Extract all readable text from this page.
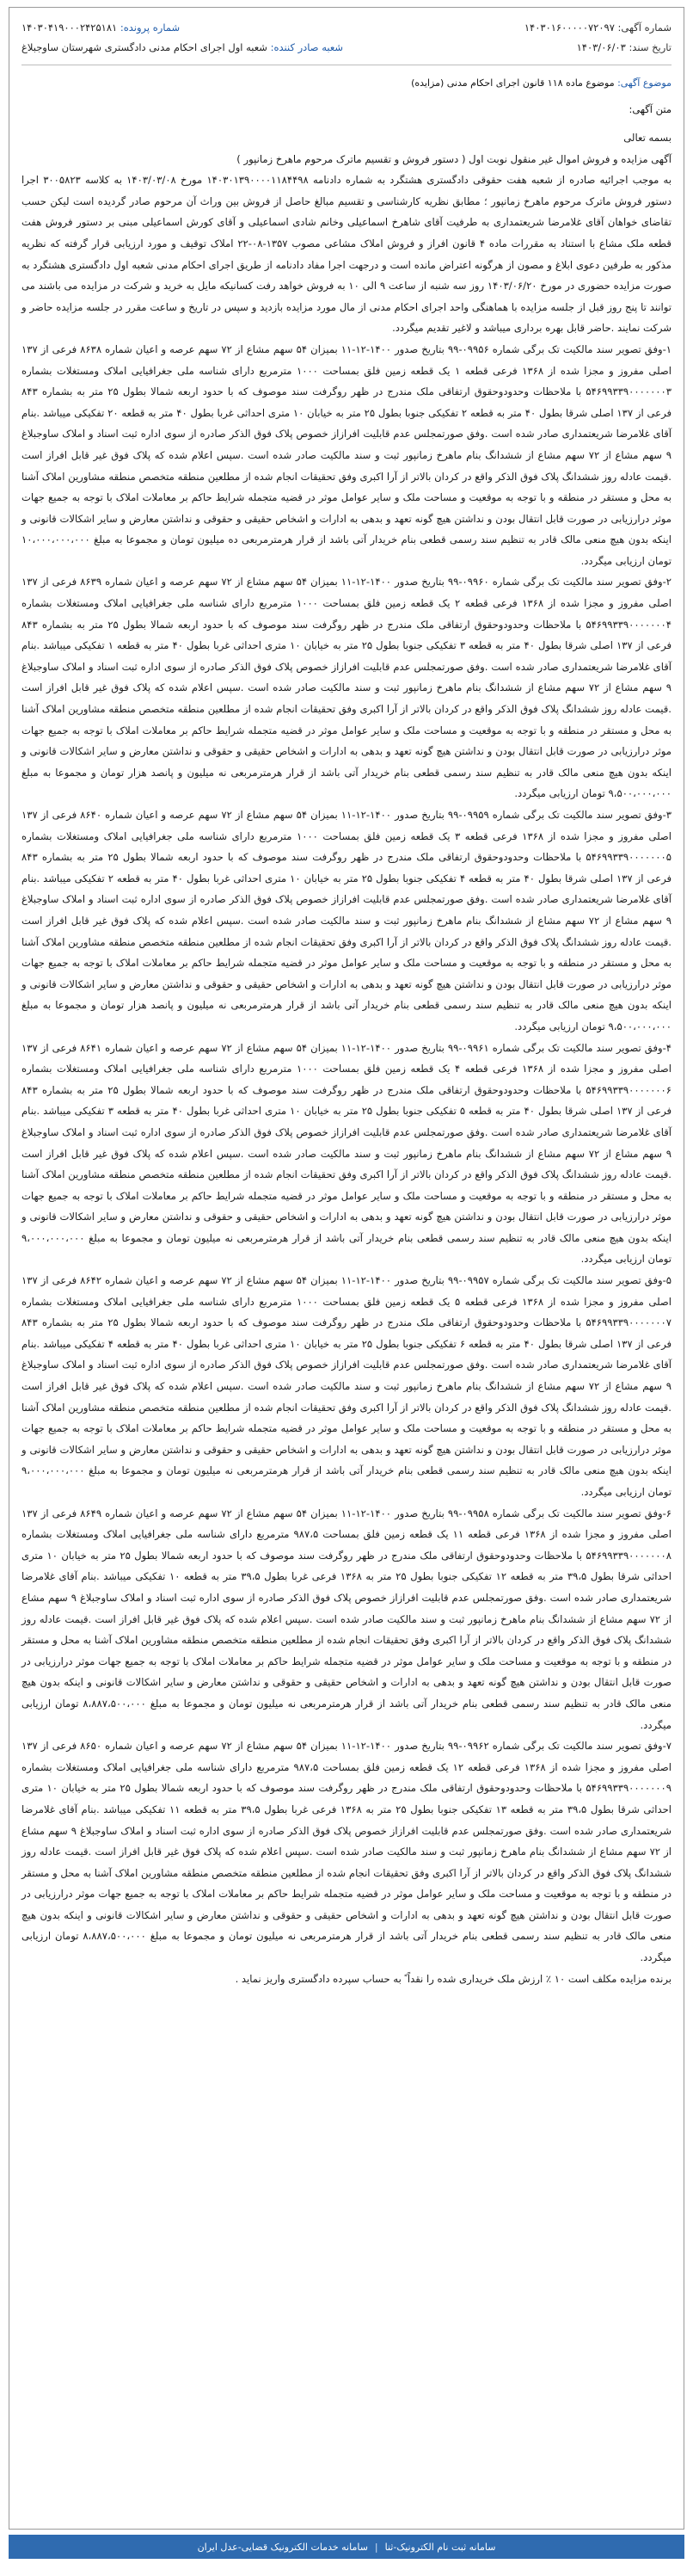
شماره آگهی: ۱۴۰۳۰۱۶۰۰۰۰۰۷۲۰۹۷
تاریخ سند: ۱۴۰۳/۰۶/۰۳
شماره پرونده: ۱۴۰۳۰۴۱۹۰۰۰۲۴۲۵۱۸۱
شعبه صادر کننده: شعبه اول اجرای احکام مدنی دادگستری شهرستان ساوجبلاغ
موضوع آگهی: موضوع ماده ۱۱۸ قانون اجرای احکام مدنی (مزایده)
متن آگهی:

بسمه تعالی

آگهی مزایده و فروش اموال غیر منقول نوبت اول ( دستور فروش و تقسیم ماترک مرحوم ماهرخ زمانپور )

به موجب اجرائیه صادره از شعبه هفت حقوقی دادگستری هشتگرد به شماره دادنامه ۱۴۰۳۰۱۳۹۰۰۰۰۱۱۸۴۴۹۸ مورخ ۱۴۰۳/۰۳/۰۸ به کلاسه ۳۰۰۵۸۲۳ اجرا دستور فروش ماترک مرحوم ماهرخ زمانپور ؛ مطابق نظریه کارشناسی و تقسیم مبالغ حاصل از فروش بین وراث آن مرحوم صادر گردیده است لیکن حسب تقاضای خواهان آقای غلامرضا شریعتمداری به طرفیت آقای شاهرخ اسماعیلی وخانم شادی اسماعیلی و آقای کورش اسماعیلی مبنی بر دستور فروش هفت قطعه ملک مشاع با استناد به مقررات ماده ۴ قانون افراز و فروش املاک مشاعی مصوب ۱۳۵۷-۰۸-۲۲ املاک توقیف و مورد ارزیابی قرار گرفته که نظریه مذکور به طرفین دعوی ابلاغ و مصون از هرگونه اعتراض مانده است و درجهت اجرا مفاد دادنامه از طریق اجرای احکام مدنی شعبه اول دادگستری هشتگرد به صورت مزایده حضوری در مورخ ۱۴۰۳/۰۶/۲۰ روز سه شنبه از ساعت ۹ الی ۱۰ به فروش خواهد رفت کسانیکه مایل به خرید و شرکت در مزایده می باشند می توانند تا پنج روز قبل از جلسه مزایده با هماهنگی واحد اجرای احکام مدنی از مال مورد مزایده بازدید و سپس در تاریخ و ساعت مقرر در جلسه مزایده حاضر و شرکت نمایند .حاضر قابل بهره برداری میباشد و لاغیر تقدیم میگردد.

۱-وفق تصویر سند مالکیت تک برگی شماره ۰۹۹۵۶-۹۹ بتاریخ صدور ۱۴۰۰-۱۲-۱۱ بمیزان ۵۴ سهم مشاع از ۷۲ سهم عرصه و اعیان شماره ۸۶۳۸ فرعی از ۱۳۷ اصلی مفروز و مجزا شده از ۱۳۶۸ فرعی قطعه ۱ یک قطعه زمین فلق بمساحت ۱۰۰۰ مترمربع دارای شناسه ملی جغرافیایی املاک ومستغلات بشماره ۵۴۶۹۹۳۳۹۰۰۰۰۰۰۰۳ با ملاحظات وحدودوحقوق ارتفاقی ملک مندرج در ظهر روگرفت سند موصوف که با حدود اربعه شمالا بطول ۲۵ متر به بشماره ۸۴۳ فرعی از ۱۳۷ اصلی شرقا بطول ۴۰ متر به قطعه ۲ تفکیکی جنوبا بطول ۲۵ متر به خیابان ۱۰ متری احداثی غربا بطول ۴۰ متر به قطعه ۲۰ تفکیکی میباشد .بنام آقای غلامرضا شریعتمداری صادر شده است .وفق صورتمجلس عدم قابلیت افرازاز خصوص پلاک فوق الذکر صادره از سوی اداره ثبت اسناد و املاک ساوجبلاغ ۹ سهم مشاع از ۷۲ سهم مشاع از ششدانگ بنام ماهرخ زمانپور ثبت و سند مالکیت صادر شده است .سپس اعلام شده که پلاک فوق غیر قابل افراز است .قیمت عادله روز ششدانگ پلاک فوق الذکر واقع در کردان بالاتر از آرا اکبری وفق تحقیقات انجام شده از مطلعین منطقه متخصص منطقه مشاورین املاک آشنا به محل و مستقر در منطقه و با توجه به موقعیت و مساحت ملک و سایر عوامل موثر در قضیه متجمله شرایط حاکم بر معاملات املاک با توجه به جمیع جهات موثر درارزیابی در صورت قابل انتقال بودن و نداشتن هیچ گونه تعهد و بدهی به ادارات و اشخاص حقیقی و حقوقی و نداشتن معارض و سایر اشکالات قانونی و اینکه بدون هیچ منعی مالک قادر به تنظیم سند رسمی قطعی بنام خریدار آتی باشد از قرار هرمترمربعی ده میلیون تومان و مجموعا به مبلغ ۱۰،۰۰۰،۰۰۰،۰۰۰ تومان ارزیابی میگردد.

۲-وفق تصویر سند مالکیت تک برگی شماره ۰۹۹۶۰-۹۹ بتاریخ صدور ۱۴۰۰-۱۲-۱۱ بمیزان ۵۴ سهم مشاع از ۷۲ سهم عرصه و اعیان شماره ۸۶۳۹ فرعی از ۱۳۷ اصلی مفروز و مجزا شده از ۱۳۶۸ فرعی قطعه ۲ یک قطعه زمین فلق بمساحت ۱۰۰۰ مترمربع دارای شناسه ملی جغرافیایی املاک ومستغلات بشماره ۵۴۶۹۹۳۳۹۰۰۰۰۰۰۰۴ با ملاحظات وحدودوحقوق ارتفاقی ملک مندرج در ظهر روگرفت سند موصوف که با حدود اربعه شمالا بطول ۲۵ متر به بشماره ۸۴۳ فرعی از ۱۳۷ اصلی شرقا بطول ۴۰ متر به قطعه ۳ تفکیکی جنوبا بطول ۲۵ متر به خیابان ۱۰ متری احداثی غربا بطول ۴۰ متر به قطعه ۱ تفکیکی میباشد .بنام آقای غلامرضا شریعتمداری صادر شده است .وفق صورتمجلس عدم قابلیت افرازاز خصوص پلاک فوق الذکر صادره از سوی اداره ثبت اسناد و املاک ساوجبلاغ ۹ سهم مشاع از ۷۲ سهم مشاع از ششدانگ بنام ماهرخ زمانپور ثبت و سند مالکیت صادر شده است .سپس اعلام شده که پلاک فوق غیر قابل افراز است .قیمت عادله روز ششدانگ پلاک فوق الذکر واقع در کردان بالاتر از آرا اکبری وفق تحقیقات انجام شده از مطلعین منطقه متخصص منطقه مشاورین املاک آشنا به محل و مستقر در منطقه و با توجه به موقعیت و مساحت ملک و سایر عوامل موثر در قضیه متجمله شرایط حاکم بر معاملات املاک با توجه به جمیع جهات موثر درارزیابی در صورت قابل انتقال بودن و نداشتن هیچ گونه تعهد و بدهی به ادارات و اشخاص حقیقی و حقوقی و نداشتن معارض و سایر اشکالات قانونی و اینکه بدون هیچ منعی مالک قادر به تنظیم سند رسمی قطعی بنام خریدار آتی باشد از قرار هرمترمربعی نه میلیون و پانصد هزار تومان و مجموعا به مبلغ ۹،۵۰۰،۰۰۰،۰۰۰ تومان ارزیابی میگردد.

۳-وفق تصویر سند مالکیت تک برگی شماره ۰۹۹۵۹-۹۹ بتاریخ صدور ۱۴۰۰-۱۲-۱۱ بمیزان ۵۴ سهم مشاع از ۷۲ سهم عرصه و اعیان شماره ۸۶۴۰ فرعی از ۱۳۷ اصلی مفروز و مجزا شده از ۱۳۶۸ فرعی قطعه ۳ یک قطعه زمین فلق بمساحت ۱۰۰۰ مترمربع دارای شناسه ملی جغرافیایی املاک ومستغلات بشماره ۵۴۶۹۹۳۳۹۰۰۰۰۰۰۰۵ با ملاحظات وحدودوحقوق ارتفاقی ملک مندرج در ظهر روگرفت سند موصوف که با حدود اربعه شمالا بطول ۲۵ متر به بشماره ۸۴۳ فرعی از ۱۳۷ اصلی شرقا بطول ۴۰ متر به قطعه ۴ تفکیکی جنوبا بطول ۲۵ متر به خیابان ۱۰ متری احداثی غربا بطول ۴۰ متر به قطعه ۲ تفکیکی میباشد .بنام آقای غلامرضا شریعتمداری صادر شده است .وفق صورتمجلس عدم قابلیت افرازاز خصوص پلاک فوق الذکر صادره از سوی اداره ثبت اسناد و املاک ساوجبلاغ ۹ سهم مشاع از ۷۲ سهم مشاع از ششدانگ بنام ماهرخ زمانپور ثبت و سند مالکیت صادر شده است .سپس اعلام شده که پلاک فوق غیر قابل افراز است .قیمت عادله روز ششدانگ پلاک فوق الذکر واقع در کردان بالاتر از آرا اکبری وفق تحقیقات انجام شده از مطلعین منطقه متخصص منطقه مشاورین املاک آشنا به محل و مستقر در منطقه و با توجه به موقعیت و مساحت ملک و سایر عوامل موثر در قضیه متجمله شرایط حاکم بر معاملات املاک با توجه به جمیع جهات موثر درارزیابی در صورت قابل انتقال بودن و نداشتن هیچ گونه تعهد و بدهی به ادارات و اشخاص حقیقی و حقوقی و نداشتن معارض و سایر اشکالات قانونی و اینکه بدون هیچ منعی مالک قادر به تنظیم سند رسمی قطعی بنام خریدار آتی باشد از قرار هرمترمربعی نه میلیون و پانصد هزار تومان و مجموعا به مبلغ ۹،۵۰۰،۰۰۰،۰۰۰ تومان ارزیابی میگردد.

۴-وفق تصویر سند مالکیت تک برگی شماره ۰۹۹۶۱-۹۹ بتاریخ صدور ۱۴۰۰-۱۲-۱۱ بمیزان ۵۴ سهم مشاع از ۷۲ سهم عرصه و اعیان شماره ۸۶۴۱ فرعی از ۱۳۷ اصلی مفروز و مجزا شده از ۱۳۶۸ فرعی قطعه ۴ یک قطعه زمین فلق بمساحت ۱۰۰۰ مترمربع دارای شناسه ملی جغرافیایی املاک ومستغلات بشماره ۵۴۶۹۹۳۳۹۰۰۰۰۰۰۰۶ با ملاحظات وحدودوحقوق ارتفاقی ملک مندرج در ظهر روگرفت سند موصوف که با حدود اربعه شمالا بطول ۲۵ متر به بشماره ۸۴۳ فرعی از ۱۳۷ اصلی شرقا بطول ۴۰ متر به قطعه ۵ تفکیکی جنوبا بطول ۲۵ متر به خیابان ۱۰ متری احداثی غربا بطول ۴۰ متر به قطعه ۳ تفکیکی میباشد .بنام آقای غلامرضا شریعتمداری صادر شده است .وفق صورتمجلس عدم قابلیت افرازاز خصوص پلاک فوق الذکر صادره از سوی اداره ثبت اسناد و املاک ساوجبلاغ ۹ سهم مشاع از ۷۲ سهم مشاع از ششدانگ بنام ماهرخ زمانپور ثبت و سند مالکیت صادر شده است .سپس اعلام شده که پلاک فوق غیر قابل افراز است .قیمت عادله روز ششدانگ پلاک فوق الذکر واقع در کردان بالاتر از آرا اکبری وفق تحقیقات انجام شده از مطلعین منطقه متخصص منطقه مشاورین املاک آشنا به محل و مستقر در منطقه و با توجه به موقعیت و مساحت ملک و سایر عوامل موثر در قضیه متجمله شرایط حاکم بر معاملات املاک با توجه به جمیع جهات موثر درارزیابی در صورت قابل انتقال بودن و نداشتن هیچ گونه تعهد و بدهی به ادارات و اشخاص حقیقی و حقوقی و نداشتن معارض و سایر اشکالات قانونی و اینکه بدون هیچ منعی مالک قادر به تنظیم سند رسمی قطعی بنام خریدار آتی باشد از قرار هرمترمربعی نه میلیون تومان و مجموعا به مبلغ ۹،۰۰۰،۰۰۰،۰۰۰ تومان ارزیابی میگردد.

۵-وفق تصویر سند مالکیت تک برگی شماره ۰۹۹۵۷-۹۹ بتاریخ صدور ۱۴۰۰-۱۲-۱۱ بمیزان ۵۴ سهم مشاع از ۷۲ سهم عرصه و اعیان شماره ۸۶۴۲ فرعی از ۱۳۷ اصلی مفروز و مجزا شده از ۱۳۶۸ فرعی قطعه ۵ یک قطعه زمین فلق بمساحت ۱۰۰۰ مترمربع دارای شناسه ملی جغرافیایی املاک ومستغلات بشماره ۵۴۶۹۹۳۳۹۰۰۰۰۰۰۰۷ با ملاحظات وحدودوحقوق ارتفاقی ملک مندرج در ظهر روگرفت سند موصوف که با حدود اربعه شمالا بطول ۲۵ متر به بشماره ۸۴۳ فرعی از ۱۳۷ اصلی شرقا بطول ۴۰ متر به قطعه ۶ تفکیکی جنوبا بطول ۲۵ متر به خیابان ۱۰ متری احداثی غربا بطول ۴۰ متر به قطعه ۴ تفکیکی میباشد .بنام آقای غلامرضا شریعتمداری صادر شده است .وفق صورتمجلس عدم قابلیت افرازاز خصوص پلاک فوق الذکر صادره از سوی اداره ثبت اسناد و املاک ساوجبلاغ ۹ سهم مشاع از ۷۲ سهم مشاع از ششدانگ بنام ماهرخ زمانپور ثبت و سند مالکیت صادر شده است .سپس اعلام شده که پلاک فوق غیر قابل افراز است .قیمت عادله روز ششدانگ پلاک فوق الذکر واقع در کردان بالاتر از آرا اکبری وفق تحقیقات انجام شده از مطلعین منطقه متخصص منطقه مشاورین املاک آشنا به محل و مستقر در منطقه و با توجه به موقعیت و مساحت ملک و سایر عوامل موثر در قضیه متجمله شرایط حاکم بر معاملات املاک با توجه به جمیع جهات موثر درارزیابی در صورت قابل انتقال بودن و نداشتن هیچ گونه تعهد و بدهی به ادارات و اشخاص حقیقی و حقوقی و نداشتن معارض و سایر اشکالات قانونی و اینکه بدون هیچ منعی مالک قادر به تنظیم سند رسمی قطعی بنام خریدار آتی باشد از قرار هرمترمربعی نه میلیون تومان و مجموعا به مبلغ ۹،۰۰۰،۰۰۰،۰۰۰ تومان ارزیابی میگردد.

۶-وفق تصویر سند مالکیت تک برگی شماره ۰۹۹۵۸-۹۹ بتاریخ صدور ۱۴۰۰-۱۲-۱۱ بمیزان ۵۴ سهم مشاع از ۷۲ سهم عرصه و اعیان شماره ۸۶۴۹ فرعی از ۱۳۷ اصلی مفروز و مجزا شده از ۱۳۶۸ فرعی قطعه ۱۱ یک قطعه زمین فلق بمساحت ۹۸۷،۵ مترمربع دارای شناسه ملی جغرافیایی املاک ومستغلات بشماره ۵۴۶۹۹۳۳۹۰۰۰۰۰۰۰۸ با ملاحظات وحدودوحقوق ارتفاقی ملک مندرج در ظهر روگرفت سند موصوف که با حدود اربعه شمالا بطول ۲۵ متر به خیابان ۱۰ متری احداثی شرقا بطول ۳۹،۵ متر به قطعه ۱۲ تفکیکی جنوبا بطول ۲۵ متر به ۱۳۶۸ فرعی غربا بطول ۳۹،۵ متر به قطعه ۱۰ تفکیکی میباشد .بنام آقای غلامرضا شریعتمداری صادر شده است .وفق صورتمجلس عدم قابلیت افرازاز خصوص پلاک فوق الذکر صادره از سوی اداره ثبت اسناد و املاک ساوجبلاغ ۹ سهم مشاع از ۷۲ سهم مشاع از ششدانگ بنام ماهرخ زمانپور ثبت و سند مالکیت صادر شده است .سپس اعلام شده که پلاک فوق غیر قابل افراز است .قیمت عادله روز ششدانگ پلاک فوق الذکر واقع در کردان بالاتر از آرا اکبری وفق تحقیقات انجام شده از مطلعین منطقه متخصص منطقه مشاورین املاک آشنا به محل و مستقر در منطقه و با توجه به موقعیت و مساحت ملک و سایر عوامل موثر در قضیه متجمله شرایط حاکم بر معاملات املاک با توجه به جمیع جهات موثر درارزیابی در صورت قابل انتقال بودن و نداشتن هیچ گونه تعهد و بدهی به ادارات و اشخاص حقیقی و حقوقی و نداشتن معارض و سایر اشکالات قانونی و اینکه بدون هیچ منعی مالک قادر به تنظیم سند رسمی قطعی بنام خریدار آتی باشد از قرار هرمترمربعی نه میلیون تومان و مجموعا به مبلغ ۸،۸۸۷،۵۰۰،۰۰۰ تومان ارزیابی میگردد.

۷-وفق تصویر سند مالکیت تک برگی شماره ۰۹۹۶۲-۹۹ بتاریخ صدور ۱۴۰۰-۱۲-۱۱ بمیزان ۵۴ سهم مشاع از ۷۲ سهم عرصه و اعیان شماره ۸۶۵۰ فرعی از ۱۳۷ اصلی مفروز و مجزا شده از ۱۳۶۸ فرعی قطعه ۱۲ یک قطعه زمین فلق بمساحت ۹۸۷،۵ مترمربع دارای شناسه ملی جغرافیایی املاک ومستغلات بشماره ۵۴۶۹۹۳۳۹۰۰۰۰۰۰۰۹ با ملاحظات وحدودوحقوق ارتفاقی ملک مندرج در ظهر روگرفت سند موصوف که با حدود اربعه شمالا بطول ۲۵ متر به خیابان ۱۰ متری احداثی شرقا بطول ۳۹،۵ متر به قطعه ۱۳ تفکیکی جنوبا بطول ۲۵ متر به ۱۳۶۸ فرعی غربا بطول ۳۹،۵ متر به قطعه ۱۱ تفکیکی میباشد .بنام آقای غلامرضا شریعتمداری صادر شده است .وفق صورتمجلس عدم قابلیت افرازاز خصوص پلاک فوق الذکر صادره از سوی اداره ثبت اسناد و املاک ساوجبلاغ ۹ سهم مشاع از ۷۲ سهم مشاع از ششدانگ بنام ماهرخ زمانپور ثبت و سند مالکیت صادر شده است .سپس اعلام شده که پلاک فوق غیر قابل افراز است .قیمت عادله روز ششدانگ پلاک فوق الذکر واقع در کردان بالاتر از آرا اکبری وفق تحقیقات انجام شده از مطلعین منطقه متخصص منطقه مشاورین املاک آشنا به محل و مستقر در منطقه و با توجه به موقعیت و مساحت ملک و سایر عوامل موثر در قضیه متجمله شرایط حاکم بر معاملات املاک با توجه به جمیع جهات موثر درارزیابی در صورت قابل انتقال بودن و نداشتن هیچ گونه تعهد و بدهی به ادارات و اشخاص حقیقی و حقوقی و نداشتن معارض و سایر اشکالات قانونی و اینکه بدون هیچ منعی مالک قادر به تنظیم سند رسمی قطعی بنام خریدار آتی باشد از قرار هرمترمربعی نه میلیون تومان و مجموعا به مبلغ ۸،۸۸۷،۵۰۰،۰۰۰ تومان ارزیابی میگردد.

برنده مزایده مکلف است ۱۰ ٪ ارزش ملک خریداری شده را نقداً ً به حساب سپرده دادگستری واریز نماید .

سامانه ثبت نام الکترونیک-ثنا
|
سامانه خدمات الکترونیک قضایی-عدل ایران
